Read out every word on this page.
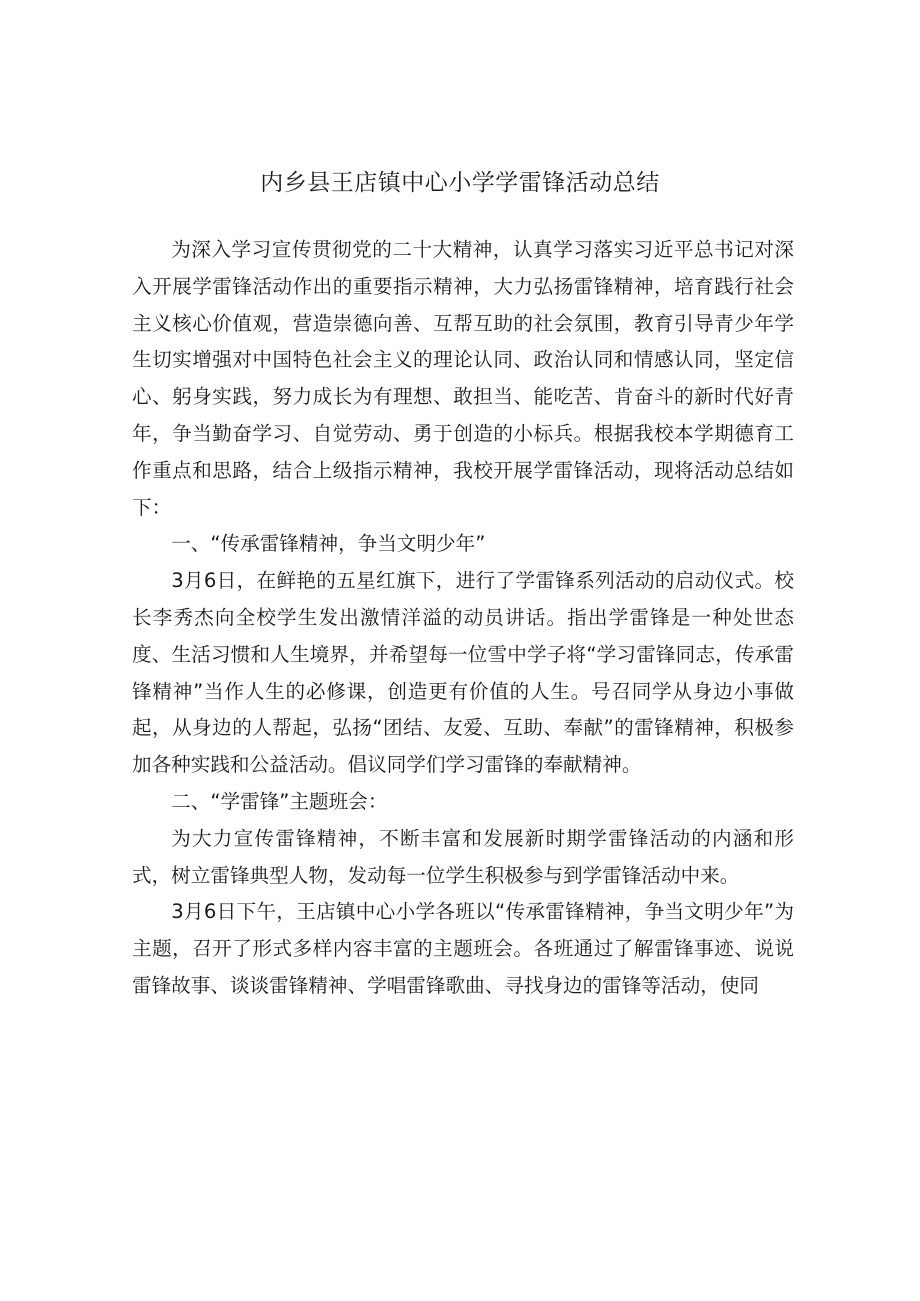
内乡县王店镇中心小学学雷锋活动总结

为深入学习宣传贯彻党的二十大精神，认真学习落实习近平总书记对深入开展学雷锋活动作出的重要指示精神，大力弘扬雷锋精神，培育践行社会主义核心价值观，营造崇德向善、互帮互助的社会氛围，教育引导青少年学生切实增强对中国特色社会主义的理论认同、政治认同和情感认同，坚定信心、躬身实践，努力成长为有理想、敢担当、能吃苦、肯奋斗的新时代好青年，争当勤奋学习、自觉劳动、勇于创造的小标兵。根据我校本学期德育工作重点和思路，结合上级指示精神，我校开展学雷锋活动，现将活动总结如下：

一、“传承雷锋精神，争当文明少年”

3月6日，在鲜艳的五星红旗下，进行了学雷锋系列活动的启动仪式。校长李秀杰向全校学生发出激情洋溢的动员讲话。指出学雷锋是一种处世态度、生活习惯和人生境界，并希望每一位雪中学子将“学习雷锋同志，传承雷锋精神”当作人生的必修课，创造更有价值的人生。号召同学从身边小事做起，从身边的人帮起，弘扬“团结、友爱、互助、奉献”的雷锋精神，积极参加各种实践和公益活动。倡议同学们学习雷锋的奉献精神。

二、“学雷锋”主题班会：

为大力宣传雷锋精神，不断丰富和发展新时期学雷锋活动的内涵和形式，树立雷锋典型人物，发动每一位学生积极参与到学雷锋活动中来。

3月6日下午，王店镇中心小学各班以“传承雷锋精神，争当文明少年”为主题，召开了形式多样内容丰富的主题班会。各班通过了解雷锋事迹、说说雷锋故事、谈谈雷锋精神、学唱雷锋歌曲、寻找身边的雷锋等活动，使同
